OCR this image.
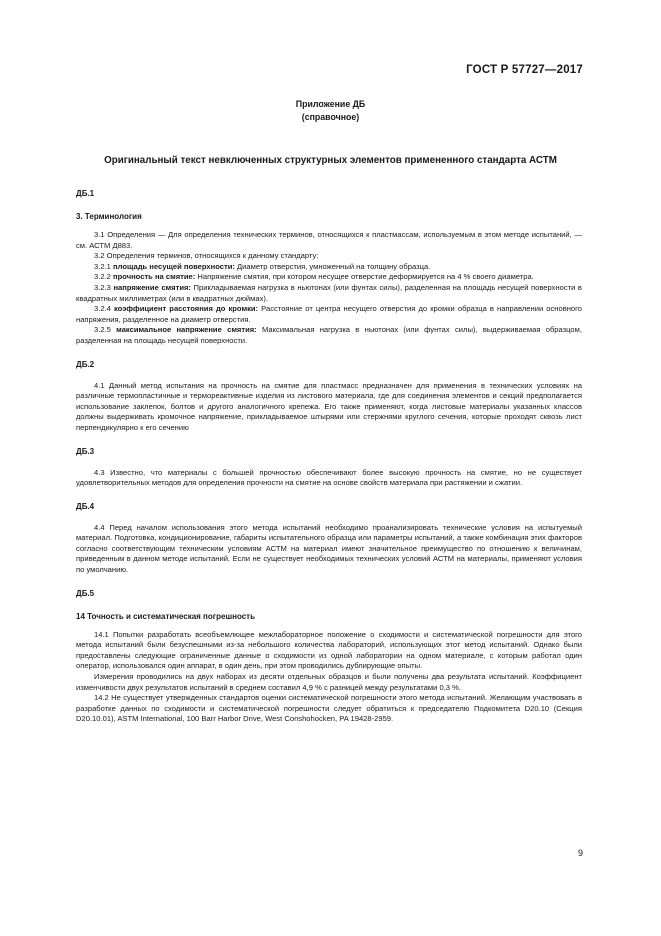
ГОСТ Р 57727—2017
Приложение ДБ
(справочное)
Оригинальный текст невключенных структурных элементов примененного стандарта АСТМ

ДБ.1

3. Терминология

3.1 Определения — Для определения технических терминов, относящихся к пластмассам, используемым в этом методе испытаний, — см. АСТМ Д883.

3.2 Определения терминов, относящихся к данному стандарту:

3.2.1 площадь несущей поверхности: Диаметр отверстия, умноженный на толщину образца.

3.2.2 прочность на смятие: Напряжение смятия, при котором несущее отверстие деформируется на 4 % своего диаметра.

3.2.3 напряжение смятия: Прикладываемая нагрузка в ньютонах (или фунтах силы), разделенная на площадь несущей поверхности в квадратных миллиметрах (или в квадратных дюймах).

3.2.4 коэффициент расстояния до кромки: Расстояние от центра несущего отверстия до кромки образца в направлении основного напряжения, разделенное на диаметр отверстия.

3.2.5 максимальное напряжение смятия: Максимальная нагрузка в ньютонах (или фунтах силы), выдерживаемая образцом, разделенная на площадь несущей поверхности.

ДБ.2

4.1 Данный метод испытания на прочность на смятие для пластмасс предназначен для применения в технических условиях на различные термопластичные и термореактивные изделия из листового материала, где для соединения элементов и секций предполагается использование заклепок, болтов и другого аналогичного крепежа. Его также применяют, когда листовые материалы указанных классов должны выдерживать кромочное напряжение, прикладываемое штырями или стержнями круглого сечения, которые проходят сквозь лист перпендикулярно к его сечению

ДБ.3

4.3 Известно, что материалы с большей прочностью обеспечивают более высокую прочность на смятие, но не существует удовлетворительных методов для определения прочности на смятие на основе свойств материала при растяжении и сжатии.

ДБ.4

4.4 Перед началом использования этого метода испытаний необходимо проанализировать технические условия на испытуемый материал. Подготовка, кондиционирование, габариты испытательного образца или параметры испытаний, а также комбинация этих факторов согласно соответствующим техническим условиям АСТМ на материал имеют значительное преимущество по отношению к величинам, приведенным в данном методе испытаний. Если не существует необходимых технических условий АСТМ на материалы, применяют условия по умолчанию.

ДБ.5

14 Точность и систематическая погрешность

14.1 Попытки разработать всеобъемлющее межлабораторное положение о сходимости и систематической погрешности для этого метода испытаний были безуспешными из-за небольшого количества лабораторий, использующих этот метод испытаний. Однако были предоставлены следующие ограниченные данные о сходимости из одной лаборатории на одном материале, с которым работал один оператор, использовался один аппарат, в один день, при этом проводились дублирующие опыты.

Измерения проводились на двух наборах из десяти отдельных образцов и были получены два результата испытаний. Коэффициент изменчивости двух результатов испытаний в среднем составил 4,9 % с разницей между результатами 0,3 %.

14.2 Не существует утвержденных стандартов оценки систематической погрешности этого метода испытаний. Желающим участвовать в разработке данных по сходимости и систематической погрешности следует обратиться к председателю Подкомитета D20.10 (Секция D20.10.01), ASTM International, 100 Barr Harbor Drive, West Conshohocken, PA 19428-2959.

9
